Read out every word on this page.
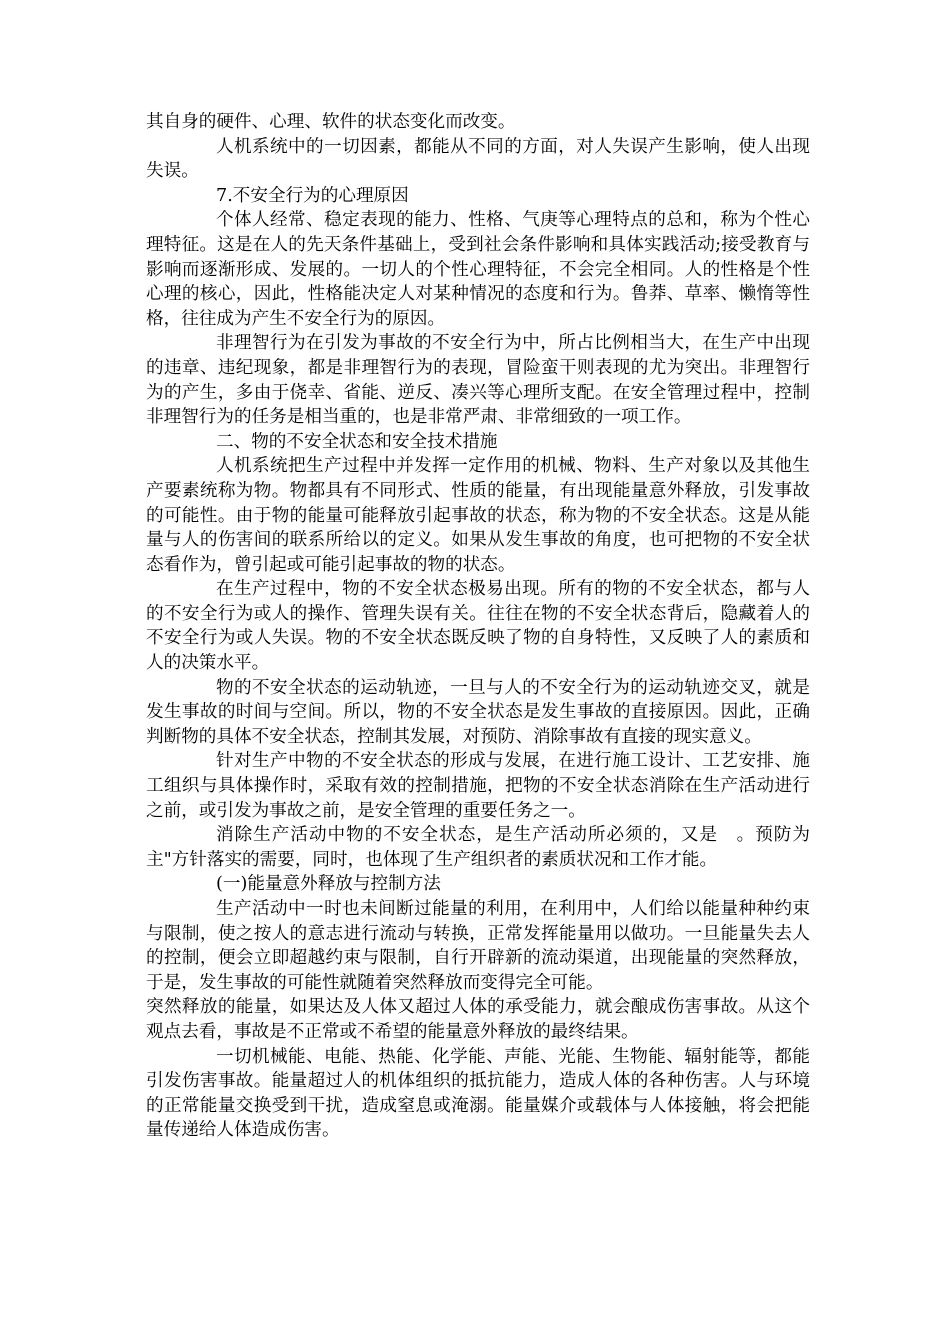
其自身的硬件、心理、软件的状态变化而改变。

人机系统中的一切因素，都能从不同的方面，对人失误产生影响，使人出现失误。

7.不安全行为的心理原因

个体人经常、稳定表现的能力、性格、气庚等心理特点的总和，称为个性心理特征。这是在人的先天条件基础上，受到社会条件影响和具体实践活动;接受教育与影响而逐渐形成、发展的。一切人的个性心理特征，不会完全相同。人的性格是个性心理的核心，因此，性格能决定人对某种情况的态度和行为。鲁莽、草率、懒惰等性格，往往成为产生不安全行为的原因。

非理智行为在引发为事故的不安全行为中，所占比例相当大，在生产中出现的违章、违纪现象，都是非理智行为的表现，冒险蛮干则表现的尤为突出。非理智行为的产生，多由于侥幸、省能、逆反、凑兴等心理所支配。在安全管理过程中，控制非理智行为的任务是相当重的，也是非常严肃、非常细致的一项工作。

二、物的不安全状态和安全技术措施

人机系统把生产过程中并发挥一定作用的机械、物料、生产对象以及其他生产要素统称为物。物都具有不同形式、性质的能量，有出现能量意外释放，引发事故的可能性。由于物的能量可能释放引起事故的状态，称为物的不安全状态。这是从能量与人的伤害间的联系所给以的定义。如果从发生事故的角度，也可把物的不安全状态看作为，曾引起或可能引起事故的物的状态。

在生产过程中，物的不安全状态极易出现。所有的物的不安全状态，都与人的不安全行为或人的操作、管理失误有关。往往在物的不安全状态背后，隐藏着人的不安全行为或人失误。物的不安全状态既反映了物的自身特性，又反映了人的素质和人的决策水平。

物的不安全状态的运动轨迹，一旦与人的不安全行为的运动轨迹交叉，就是发生事故的时间与空间。所以，物的不安全状态是发生事故的直接原因。因此，正确判断物的具体不安全状态，控制其发展，对预防、消除事故有直接的现实意义。

针对生产中物的不安全状态的形成与发展，在进行施工设计、工艺安排、施工组织与具体操作时，采取有效的控制措施，把物的不安全状态消除在生产活动进行之前，或引发为事故之前，是安全管理的重要任务之一。

消除生产活动中物的不安全状态，是生产活动所必须的，又是　。预防为主"方针落实的需要，同时，也体现了生产组织者的素质状况和工作才能。

(一)能量意外释放与控制方法

生产活动中一时也未间断过能量的利用，在利用中，人们给以能量种种约束与限制，使之按人的意志进行流动与转换，正常发挥能量用以做功。一旦能量失去人的控制，便会立即超越约束与限制，自行开辟新的流动渠道，出现能量的突然释放，于是，发生事故的可能性就随着突然释放而变得完全可能。

突然释放的能量，如果达及人体又超过人体的承受能力，就会酿成伤害事故。从这个观点去看，事故是不正常或不希望的能量意外释放的最终结果。

一切机械能、电能、热能、化学能、声能、光能、生物能、辐射能等，都能引发伤害事故。能量超过人的机体组织的抵抗能力，造成人体的各种伤害。人与环境的正常能量交换受到干扰，造成窒息或淹溺。能量媒介或载体与人体接触，将会把能量传递给人体造成伤害。
